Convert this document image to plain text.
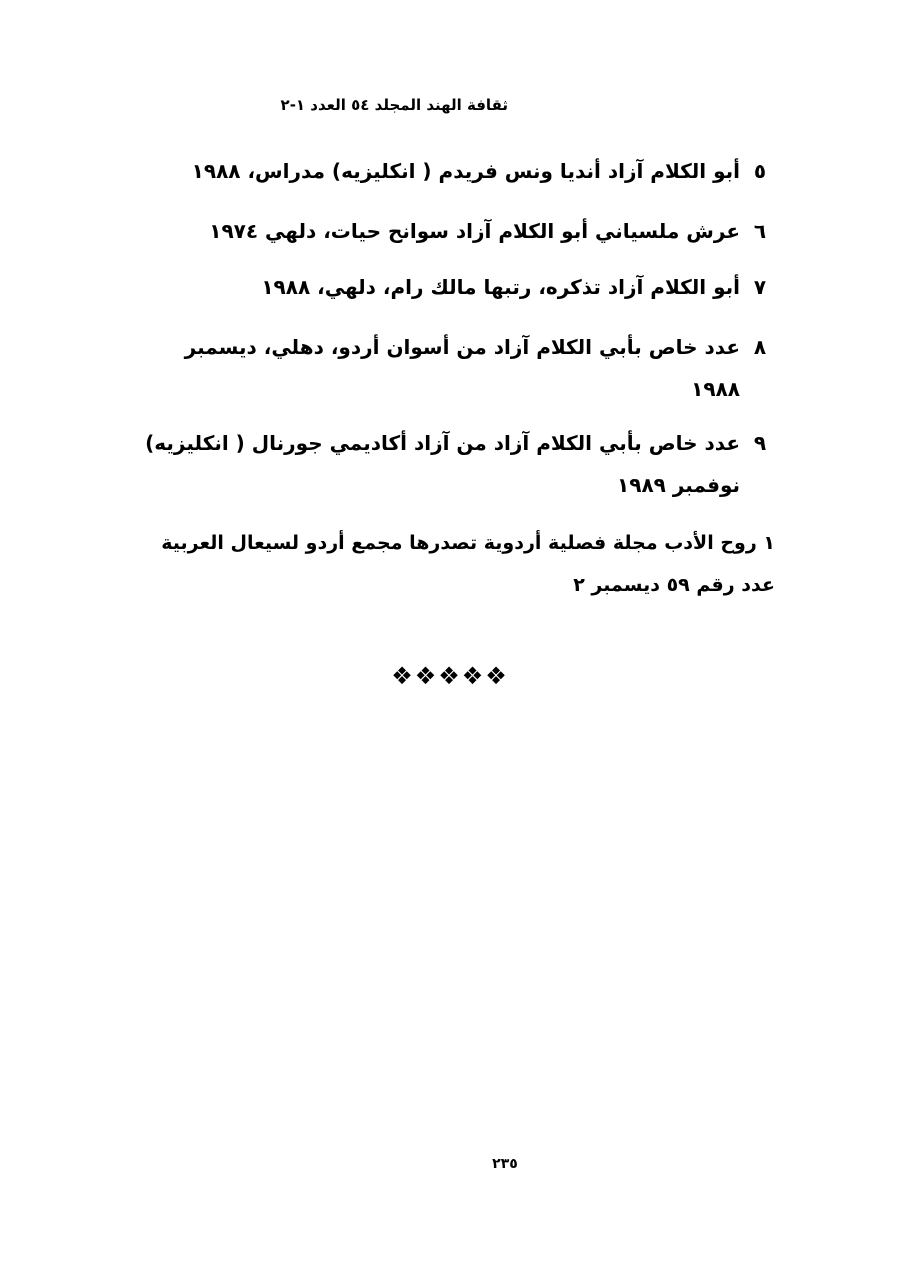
ثقافة الهند المجلد ٥٤ العدد ١-٢
٥
أبو الكلام آزاد أنديا ونس فريدم ( انكليزيه) مدراس، ١٩٨٨
٦
عرش ملسياني أبو الكلام آزاد سوانح حيات، دلهي ١٩٧٤
٧
أبو الكلام آزاد تذكره، رتبها مالك رام، دلهي، ١٩٨٨
٨
عدد خاص بأبي الكلام آزاد من أسوان أردو، دهلي، ديسمبر ١٩٨٨
٩
عدد خاص بأبي الكلام آزاد من آزاد أكاديمي جورنال ( انكليزيه) نوفمبر ١٩٨٩
١ روح الأدب مجلة فصلية أردوية تصدرها مجمع أردو لسيعال العربية عدد رقم ٥٩ ديسمبر ٢
❖❖❖❖❖
٢٣٥
